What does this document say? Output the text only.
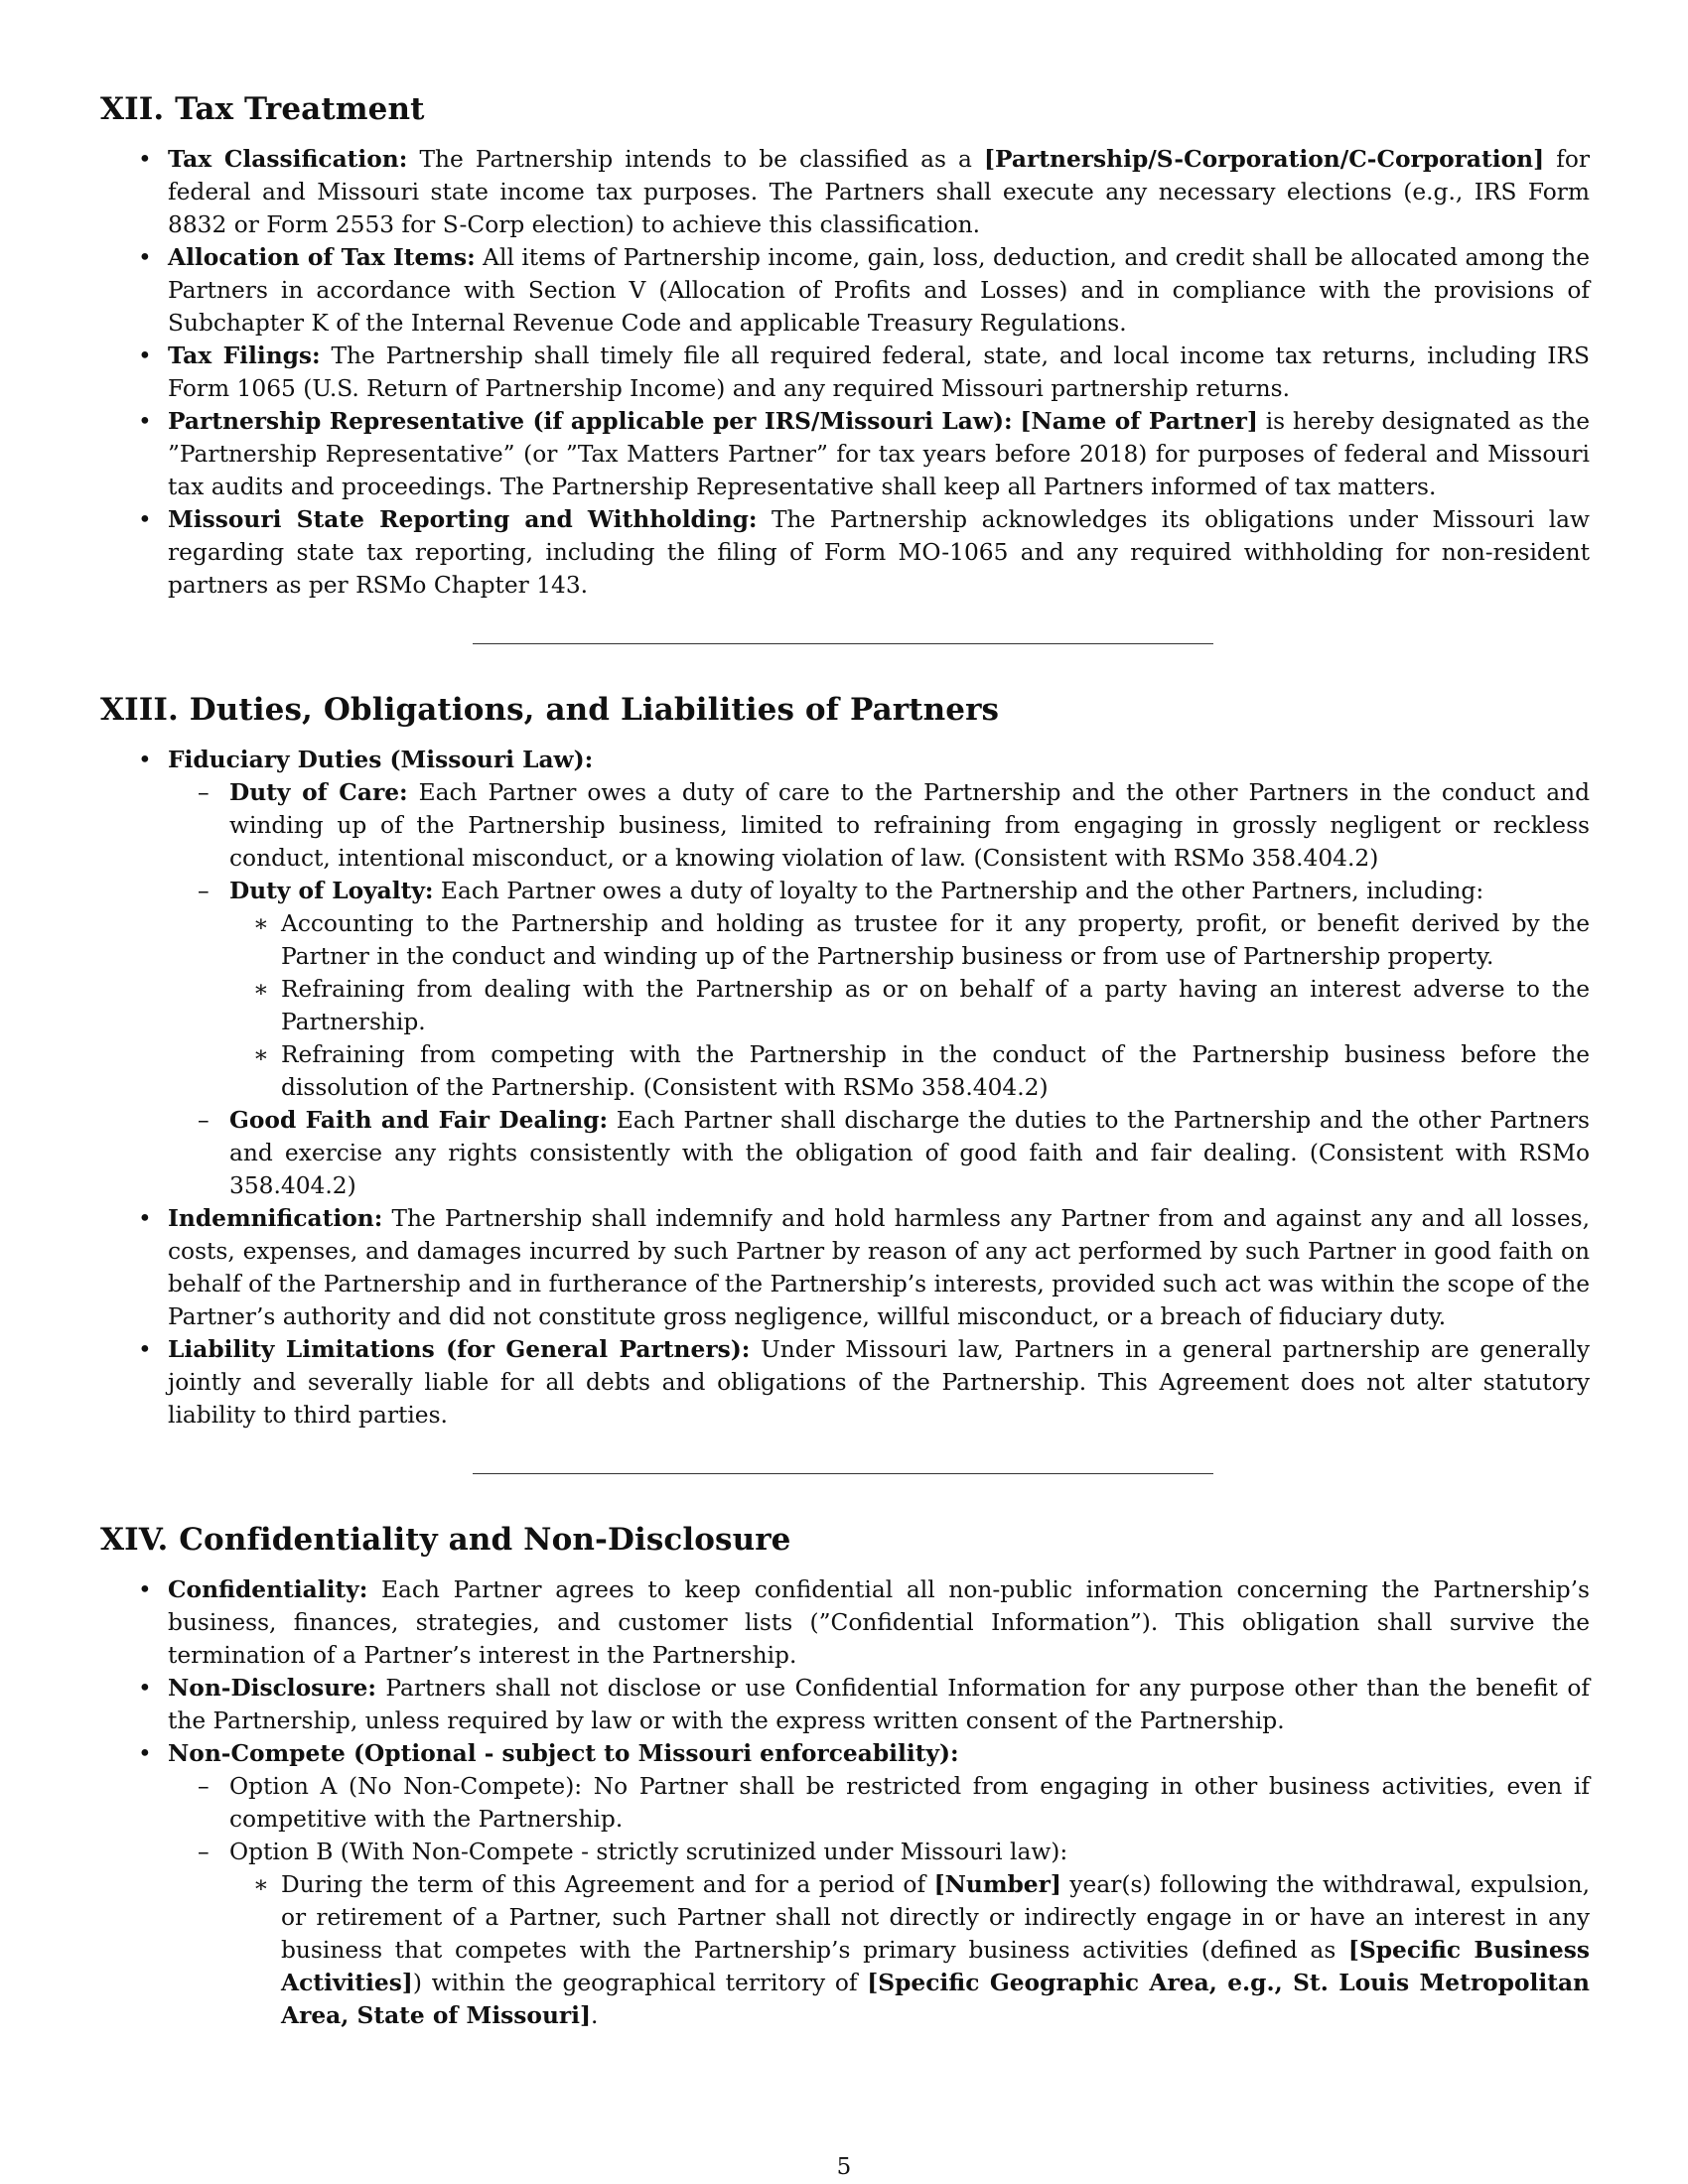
XII. Tax Treatment
• Tax Classification: The Partnership intends to be classified as a [Partnership/S-Corporation/C-Corporation] for federal and Missouri state income tax purposes. The Partners shall execute any necessary elections (e.g., IRS Form 8832 or Form 2553 for S-Corp election) to achieve this classification.
• Allocation of Tax Items: All items of Partnership income, gain, loss, deduction, and credit shall be allocated among the Partners in accordance with Section V (Allocation of Profits and Losses) and in compliance with the provisions of Subchapter K of the Internal Revenue Code and applicable Treasury Regulations.
• Tax Filings: The Partnership shall timely file all required federal, state, and local income tax returns, including IRS Form 1065 (U.S. Return of Partnership Income) and any required Missouri partnership returns.
• Partnership Representative (if applicable per IRS/Missouri Law): [Name of Partner] is hereby designated as the ”Partnership Representative” (or ”Tax Matters Partner” for tax years before 2018) for purposes of federal and Missouri tax audits and proceedings. The Partnership Representative shall keep all Partners informed of tax matters.
• Missouri State Reporting and Withholding: The Partnership acknowledges its obligations under Missouri law regarding state tax reporting, including the filing of Form MO-1065 and any required withholding for non-resident partners as per RSMo Chapter 143.
XIII. Duties, Obligations, and Liabilities of Partners
• Fiduciary Duties (Missouri Law):
– Duty of Care: Each Partner owes a duty of care to the Partnership and the other Partners in the conduct and winding up of the Partnership business, limited to refraining from engaging in grossly negligent or reckless conduct, intentional misconduct, or a knowing violation of law. (Consistent with RSMo 358.404.2)
– Duty of Loyalty: Each Partner owes a duty of loyalty to the Partnership and the other Partners, including:
∗ Accounting to the Partnership and holding as trustee for it any property, profit, or benefit derived by the Partner in the conduct and winding up of the Partnership business or from use of Partnership property.
∗ Refraining from dealing with the Partnership as or on behalf of a party having an interest adverse to the Partnership.
∗ Refraining from competing with the Partnership in the conduct of the Partnership business before the dissolution of the Partnership. (Consistent with RSMo 358.404.2)
– Good Faith and Fair Dealing: Each Partner shall discharge the duties to the Partnership and the other Partners and exercise any rights consistently with the obligation of good faith and fair dealing. (Consistent with RSMo 358.404.2)
• Indemnification: The Partnership shall indemnify and hold harmless any Partner from and against any and all losses, costs, expenses, and damages incurred by such Partner by reason of any act performed by such Partner in good faith on behalf of the Partnership and in furtherance of the Partnership’s interests, provided such act was within the scope of the Partner’s authority and did not constitute gross negligence, willful misconduct, or a breach of fiduciary duty.
• Liability Limitations (for General Partners): Under Missouri law, Partners in a general partnership are generally jointly and severally liable for all debts and obligations of the Partnership. This Agreement does not alter statutory liability to third parties.
XIV. Confidentiality and Non-Disclosure
• Confidentiality: Each Partner agrees to keep confidential all non-public information concerning the Partnership’s business, finances, strategies, and customer lists (”Confidential Information”). This obligation shall survive the termination of a Partner’s interest in the Partnership.
• Non-Disclosure: Partners shall not disclose or use Confidential Information for any purpose other than the benefit of the Partnership, unless required by law or with the express written consent of the Partnership.
• Non-Compete (Optional - subject to Missouri enforceability):
– Option A (No Non-Compete): No Partner shall be restricted from engaging in other business activities, even if competitive with the Partnership.
– Option B (With Non-Compete - strictly scrutinized under Missouri law):
∗ During the term of this Agreement and for a period of [Number] year(s) following the withdrawal, expulsion, or retirement of a Partner, such Partner shall not directly or indirectly engage in or have an interest in any business that competes with the Partnership’s primary business activities (defined as [Specific Business Activities]) within the geographical territory of [Specific Geographic Area, e.g., St. Louis Metropolitan Area, State of Missouri].
5
